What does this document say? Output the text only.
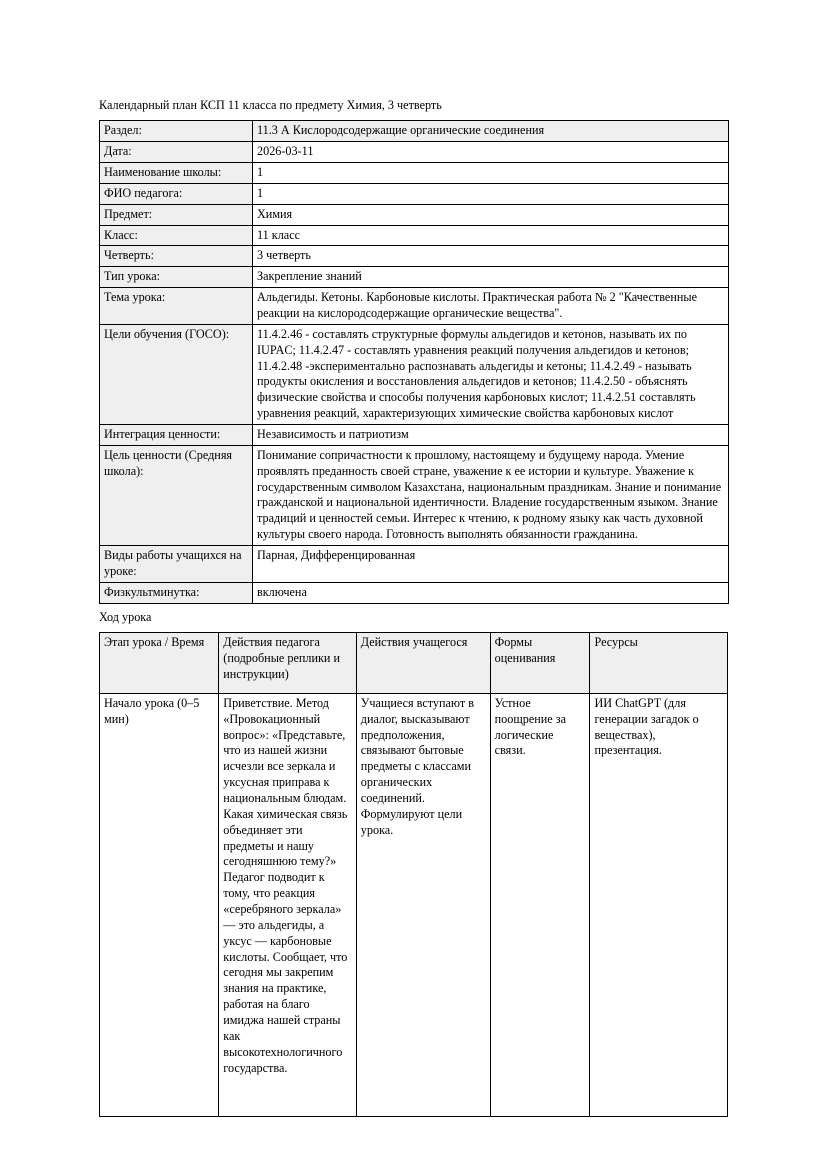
Календарный план КСП 11 класса по предмету Химия, 3 четверть
Раздел:	11.3 А Кислородсодержащие органические соединения
Дата:	2026-03-11
Наименование школы:	1
ФИО педагога:	1
Предмет:	Химия
Класс:	11 класс
Четверть:	3 четверть
Тип урока:	Закрепление знаний
Тема урока:	Альдегиды. Кетоны. Карбоновые кислоты. Практическая работа № 2 "Качественные реакции на кислородсодержащие органические вещества".
Цели обучения (ГОСО):	11.4.2.46 - составлять структурные формулы альдегидов и кетонов, называть их по IUPAC; 11.4.2.47 - составлять уравнения реакций получения альдегидов и кетонов; 11.4.2.48 -экспериментально распознавать альдегиды и кетоны; 11.4.2.49 - называть продукты окисления и восстановления альдегидов и кетонов; 11.4.2.50 - объяснять физические свойства и способы получения карбоновых кислот; 11.4.2.51 составлять уравнения реакций, характеризующих химические свойства карбоновых кислот
Интеграция ценности:	Независимость и патриотизм
Цель ценности (Средняя школа):	Понимание сопричастности к прошлому, настоящему и будущему народа. Умение проявлять преданность своей стране, уважение к ее истории и культуре. Уважение к государственным символом Казахстана, национальным праздникам. Знание и понимание гражданской и национальной идентичности. Владение государственным языком. Знание традиций и ценностей семьи. Интерес к чтению, к родному языку как часть духовной культуры своего народа. Готовность выполнять обязанности гражданина.
Виды работы учащихся на уроке:	Парная, Дифференцированная
Физкультминутка:	включена
Ход урока
Этап урока / Время	Действия педагога (подробные реплики и инструкции)	Действия учащегося	Формы оценивания	Ресурсы
Начало урока (0–5 мин)	Приветствие. Метод «Провокационный вопрос»: «Представьте, что из нашей жизни исчезли все зеркала и уксусная приправа к национальным блюдам. Какая химическая связь объединяет эти предметы и нашу сегодняшнюю тему?» Педагог подводит к тому, что реакция «серебряного зеркала» — это альдегиды, а уксус — карбоновые кислоты. Сообщает, что сегодня мы закрепим знания на практике, работая на благо имиджа нашей страны как высокотехнологичного государства.	Учащиеся вступают в диалог, высказывают предположения, связывают бытовые предметы с классами органических соединений. Формулируют цели урока.	Устное поощрение за логические связи.	ИИ ChatGPT (для генерации загадок о веществах), презентация.
